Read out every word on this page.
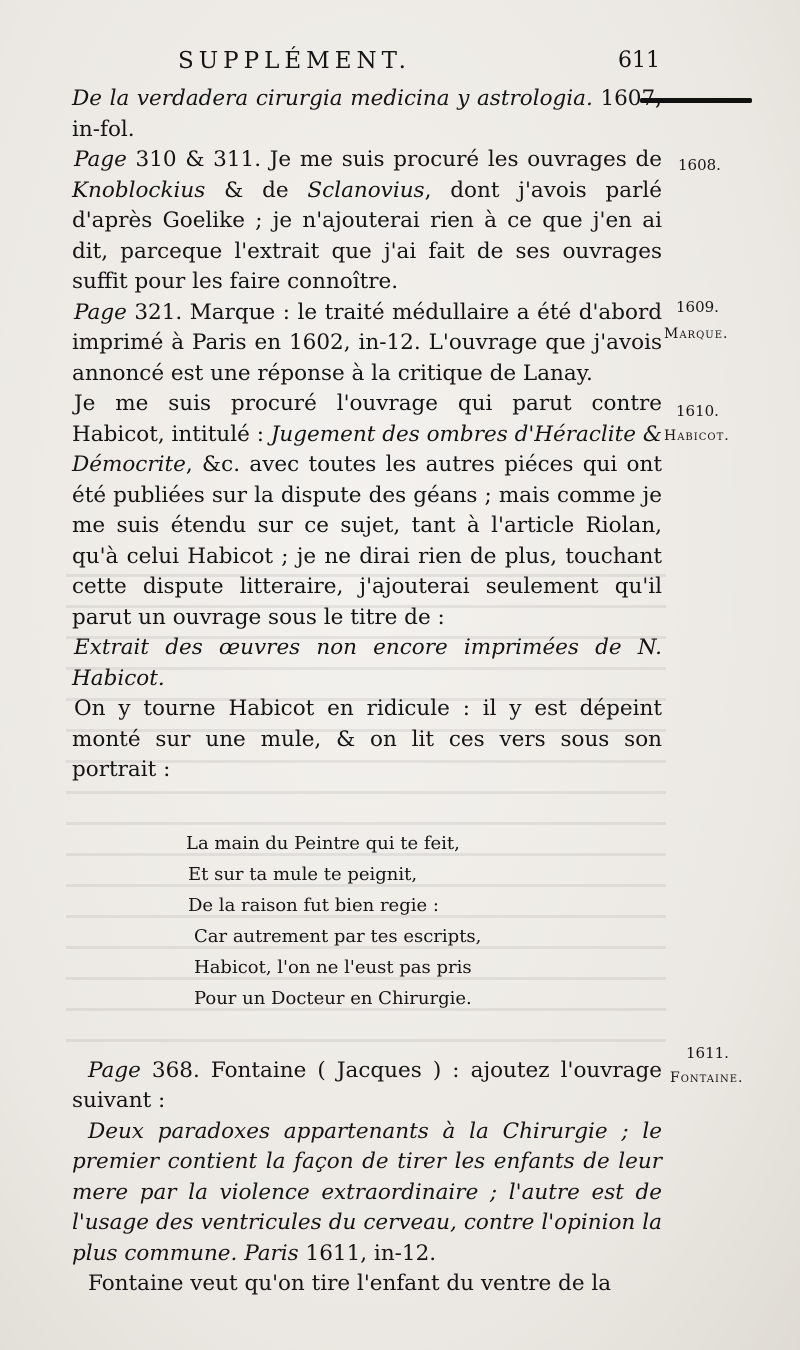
SUPPLÉMENT.	611

De la verdadera cirurgia medicina y astrologia. 1607, in-fol.

Page 310 & 311. Je me suis procuré les ouvrages de Knoblockius & de Sclanovius, dont j'avois parlé d'après Goelike ; je n'ajouterai rien à ce que j'en ai dit, parceque l'extrait que j'ai fait de ses ouvrages suffit pour les faire connoître.

Page 321. Marque : le traité médullaire a été d'abord imprimé à Paris en 1602, in-12. L'ouvrage que j'avois annoncé est une réponse à la critique de Lanay.

Je me suis procuré l'ouvrage qui parut contre Habicot, intitulé : Jugement des ombres d'Héraclite & Démocrite, &c. avec toutes les autres piéces qui ont été publiées sur la dispute des géans ; mais comme je me suis étendu sur ce sujet, tant à l'article Riolan, qu'à celui Habicot ; je ne dirai rien de plus, touchant cette dispute litteraire, j'ajouterai seulement qu'il parut un ouvrage sous le titre de :

Extrait des œuvres non encore imprimées de N. Habicot.

On y tourne Habicot en ridicule : il y est dépeint monté sur une mule, & on lit ces vers sous son portrait :

La main du Peintre qui te feit,
Et sur ta mule te peignit,
De la raison fut bien regie :
Car autrement par tes escripts,
Habicot, l'on ne l'eust pas pris
Pour un Docteur en Chirurgie.

Page 368. Fontaine ( Jacques ) : ajoutez l'ouvrage suivant :

Deux paradoxes appartenants à la Chirurgie ; le premier contient la façon de tirer les enfants de leur mere par la violence extraordinaire ; l'autre est de l'usage des ventricules du cerveau, contre l'opinion la plus commune. Paris 1611, in-12.

Fontaine veut qu'on tire l'enfant du ventre de la

1608.
1609.
Marque.
1610.
Habicot.
1611.
Fontaine.
